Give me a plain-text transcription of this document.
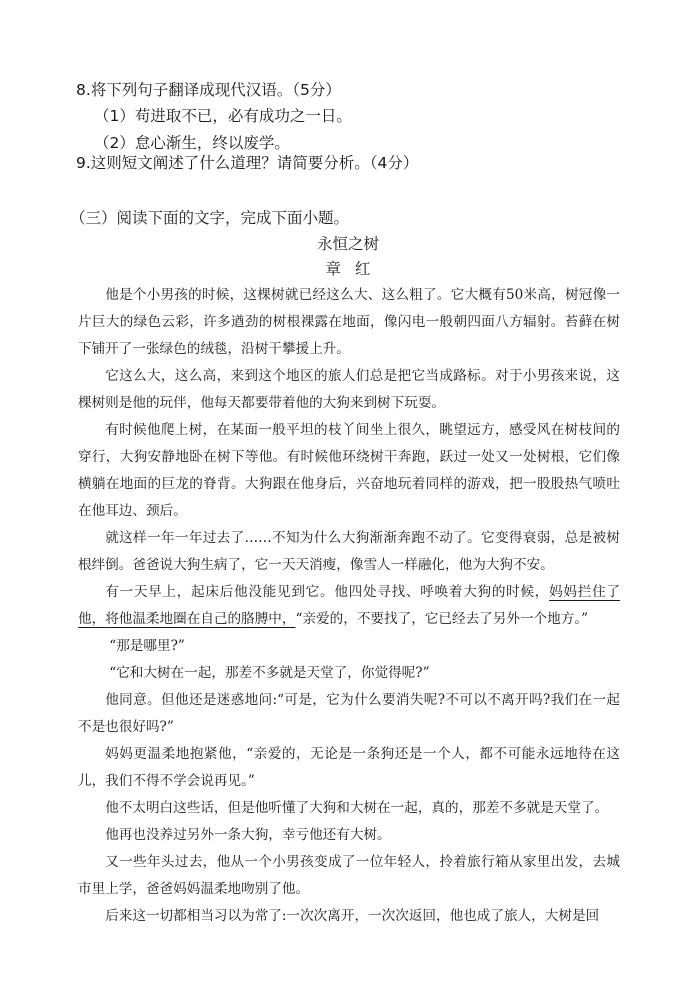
8.将下列句子翻译成现代汉语。（5分）
（1）苟进取不已，必有成功之一日。
（2）怠心渐生，终以废学。
9.这则短文阐述了什么道理？请简要分析。（4分）
（三）阅读下面的文字，完成下面小题。
永恒之树
章红

他是个小男孩的时候，这棵树就已经这么大、这么粗了。它大概有50米高，树冠像一片巨大的绿色云彩，许多遒劲的树根裸露在地面，像闪电一般朝四面八方辐射。苔藓在树下铺开了一张绿色的绒毯，沿树干攀援上升。

它这么大，这么高，来到这个地区的旅人们总是把它当成路标。对于小男孩来说，这棵树则是他的玩伴，他每天都要带着他的大狗来到树下玩耍。

有时候他爬上树，在某面一般平坦的枝丫间坐上很久，眺望远方，感受风在树枝间的穿行，大狗安静地卧在树下等他。有时候他环绕树干奔跑，跃过一处又一处树根，它们像横躺在地面的巨龙的脊背。大狗跟在他身后，兴奋地玩着同样的游戏，把一股股热气喷吐在他耳边、颈后。

就这样一年一年过去了……不知为什么大狗渐渐奔跑不动了。它变得衰弱，总是被树根绊倒。爸爸说大狗生病了，它一天天消瘦，像雪人一样融化，他为大狗不安。

有一天早上，起床后他没能见到它。他四处寻找、呼唤着大狗的时候，妈妈拦住了他，将他温柔地圈在自己的胳膊中，“亲爱的，不要找了，它已经去了另外一个地方。”

“那是哪里?”

“它和大树在一起，那差不多就是天堂了，你觉得呢?”

他同意。但他还是迷惑地问:“可是，它为什么要消失呢?不可以不离开吗?我们在一起不是也很好吗?”

妈妈更温柔地抱紧他，“亲爱的，无论是一条狗还是一个人，都不可能永远地待在这儿，我们不得不学会说再见。”

他不太明白这些话，但是他听懂了大狗和大树在一起，真的，那差不多就是天堂了。

他再也没养过另外一条大狗，幸亏他还有大树。

又一些年头过去，他从一个小男孩变成了一位年轻人，拎着旅行箱从家里出发，去城市里上学，爸爸妈妈温柔地吻别了他。

后来这一切都相当习以为常了:一次次离开，一次次返回，他也成了旅人，大树是回
